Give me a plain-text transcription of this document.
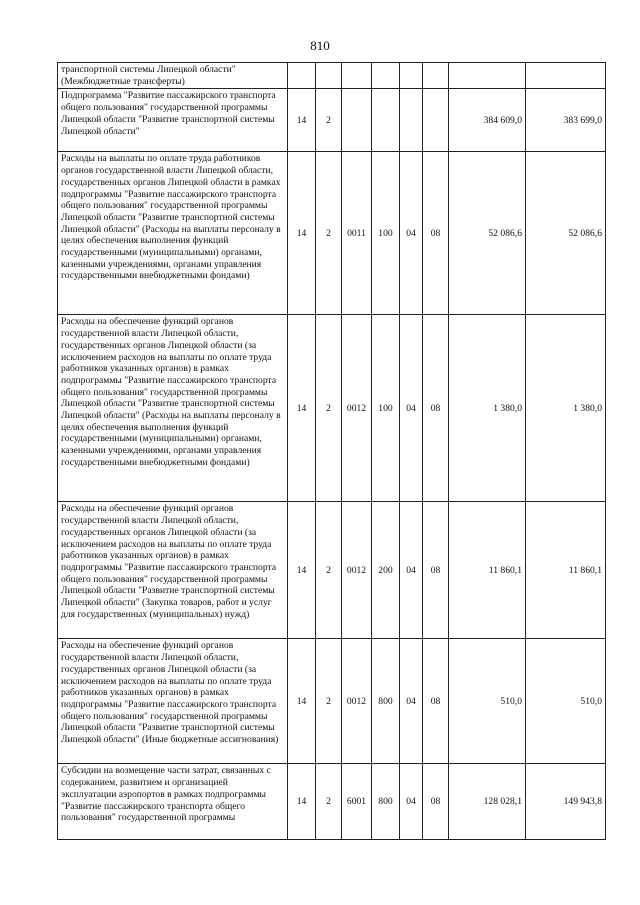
810
транспортной системы Липецкой области" (Межбюджетные трансферты)								
Подпрограмма "Развитие пассажирского транспорта общего пользования" государственной программы Липецкой области "Развитие транспортной системы Липецкой области"	14	2					384 609,0	383 699,0
Расходы на выплаты по оплате труда работников органов государственной власти Липецкой области, государственных органов Липецкой области в рамках подпрограммы "Развитие пассажирского транспорта общего пользования" государственной программы Липецкой области "Развитие транспортной системы Липецкой области" (Расходы на выплаты персоналу в целях обеспечения выполнения функций государственными (муниципальными) органами, казенными учреждениями, органами управления государственными внебюджетными фондами)	14	2	0011	100	04	08	52 086,6	52 086,6
Расходы на обеспечение функций органов государственной власти Липецкой области, государственных органов Липецкой области (за исключением расходов на выплаты по оплате труда работников указанных органов) в рамках подпрограммы "Развитие пассажирского транспорта общего пользования" государственной программы Липецкой области "Развитие транспортной системы Липецкой области" (Расходы на выплаты персоналу в целях обеспечения выполнения функций государственными (муниципальными) органами, казенными учреждениями, органами управления государственными внебюджетными фондами)	14	2	0012	100	04	08	1 380,0	1 380,0
Расходы на обеспечение функций органов государственной власти Липецкой области, государственных органов Липецкой области (за исключением расходов на выплаты по оплате труда работников указанных органов) в рамках подпрограммы "Развитие пассажирского транспорта общего пользования" государственной программы Липецкой области "Развитие транспортной системы Липецкой области" (Закупка товаров, работ и услуг для государственных (муниципальных) нужд)	14	2	0012	200	04	08	11 860,1	11 860,1
Расходы на обеспечение функций органов государственной власти Липецкой области, государственных органов Липецкой области (за исключением расходов на выплаты по оплате труда работников указанных органов) в рамках подпрограммы "Развитие пассажирского транспорта общего пользования" государственной программы Липецкой области "Развитие транспортной системы Липецкой области" (Иные бюджетные ассигнования)	14	2	0012	800	04	08	510,0	510,0
Субсидии на возмещение части затрат, связанных с содержанием, развитием и организацией эксплуатации аэропортов в рамках подпрограммы "Развитие пассажирского транспорта общего пользования" государственной программы	14	2	6001	800	04	08	128 028,1	149 943,8
